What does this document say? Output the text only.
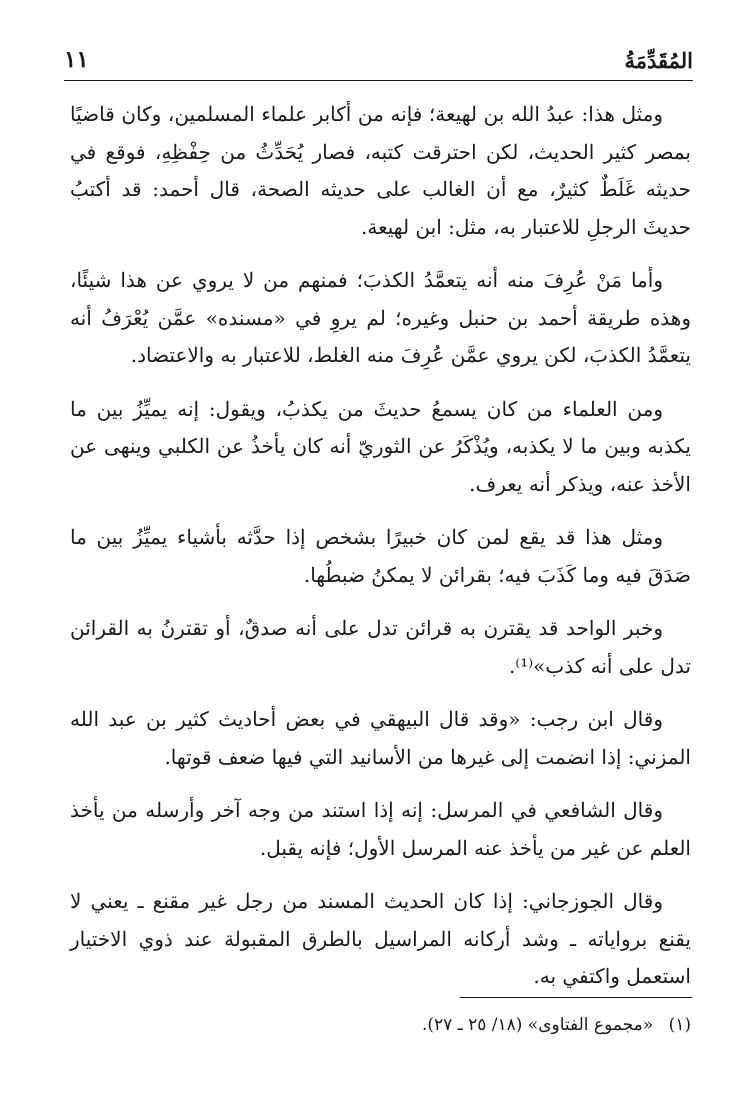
المُقَدِّمَةُ
١١

ومثل هذا: عبدُ الله بن لهيعة؛ فإنه من أكابر علماء المسلمين، وكان قاضيًا بمصر كثير الحديث، لكن احترقت كتبه، فصار يُحَدِّثُ من حِفْظِهِ، فوقع في حديثه غَلَطٌ كثيرٌ، مع أن الغالب على حديثه الصحة، قال أحمد: قد أكتبُ حديثَ الرجلِ للاعتبار به، مثل: ابن لهيعة.

وأما مَنْ عُرِفَ منه أنه يتعمَّدُ الكذبَ؛ فمنهم من لا يروي عن هذا شيئًا، وهذه طريقة أحمد بن حنبل وغيره؛ لم يروِ في «مسنده» عمَّن يُعْرَفُ أنه يتعمَّدُ الكذبَ، لكن يروي عمَّن عُرِفَ منه الغلط، للاعتبار به والاعتضاد.

ومن العلماء من كان يسمعُ حديثَ من يكذبُ، ويقول: إنه يميِّزُ بين ما يكذبه وبين ما لا يكذبه، ويُذْكَرُ عن الثوريّ أنه كان يأخذُ عن الكلبي وينهى عن الأخذ عنه، ويذكر أنه يعرف.

ومثل هذا قد يقع لمن كان خبيرًا بشخص إذا حدَّثه بأشياء يميِّزُ بين ما صَدَقَ فيه وما كَذَبَ فيه؛ بقرائن لا يمكنُ ضبطُها.

وخبر الواحد قد يقترن به قرائن تدل على أنه صدقٌ، أو تقترنُ به القرائن تدل على أنه كذب»⁽¹⁾.

وقال ابن رجب: «وقد قال البيهقي في بعض أحاديث كثير بن عبد الله المزني: إذا انضمت إلى غيرها من الأسانيد التي فيها ضعف قوتها.

وقال الشافعي في المرسل: إنه إذا استند من وجه آخر وأرسله من يأخذ العلم عن غير من يأخذ عنه المرسل الأول؛ فإنه يقبل.

وقال الجوزجاني: إذا كان الحديث المسند من رجل غير مقنع ـ يعني لا يقنع برواياته ـ وشد أركانه المراسيل بالطرق المقبولة عند ذوي الاختيار استعمل واكتفي به.

(١) «مجموع الفتاوى» (١٨/ ٢٥ ـ ٢٧).
